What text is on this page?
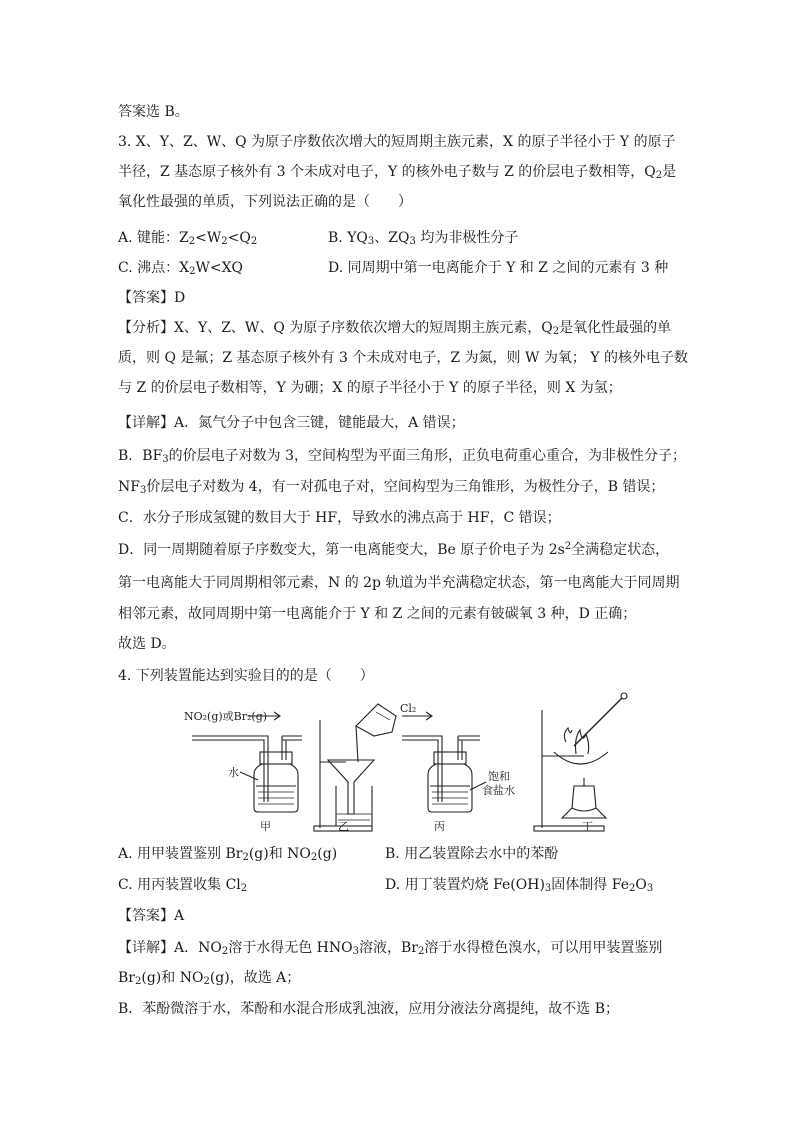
答案选 B。
3. X、Y、Z、W、Q 为原子序数依次增大的短周期主族元素，X 的原子半径小于 Y 的原子
半径，Z 基态原子核外有 3 个未成对电子，Y 的核外电子数与 Z 的价层电子数相等，$Q_2$是
氧化性最强的单质，下列说法正确的是（　　）
A. 键能：$Z_2<W_2<Q_2$	B. $YQ_3$、$ZQ_3$ 均为非极性分子
C. 沸点：$X_2W<XQ$	D. 同周期中第一电离能介于 Y 和 Z 之间的元素有 3 种
【答案】D
【分析】X、Y、Z、W、Q 为原子序数依次增大的短周期主族元素，$Q_2$是氧化性最强的单
质，则 Q 是氟；Z 基态原子核外有 3 个未成对电子，Z 为氮，则 W 为氧； Y 的核外电子数
与 Z 的价层电子数相等，Y 为硼；X 的原子半径小于 Y 的原子半径，则 X 为氢；
【详解】A．氮气分子中包含三键，键能最大，A 错误；
B．$BF_3$的价层电子对数为 3，空间构型为平面三角形，正负电荷重心重合，为非极性分子；
$NF_3$价层电子对数为 4，有一对孤电子对，空间构型为三角锥形，为极性分子，B 错误；
C．水分子形成氢键的数目大于 HF，导致水的沸点高于 HF，C 错误；
D．同一周期随着原子序数变大，第一电离能变大，Be 原子价电子为 $2s^2$全满稳定状态，
第一电离能大于同周期相邻元素，N 的 2p 轨道为半充满稳定状态，第一电离能大于同周期
相邻元素，故同周期中第一电离能介于 Y 和 Z 之间的元素有铍碳氧 3 种，D 正确；
故选 D。
4. 下列装置能达到实验目的的是（　　）
NO₂(g)或Br₂(g)
水
Cl₂
饱和
食盐水
甲	乙	丙	丁
A. 用甲装置鉴别 $Br_2(g)$和 $NO_2(g)$	B. 用乙装置除去水中的苯酚
C. 用丙装置收集 $Cl_2$	D. 用丁装置灼烧 $Fe(OH)_3$固体制得 $Fe_2O_3$
【答案】A
【详解】A．$NO_2$溶于水得无色 $HNO_3$溶液，$Br_2$溶于水得橙色溴水，可以用甲装置鉴别
$Br_2(g)$和 $NO_2(g)$，故选 A；
B．苯酚微溶于水，苯酚和水混合形成乳浊液，应用分液法分离提纯，故不选 B；
